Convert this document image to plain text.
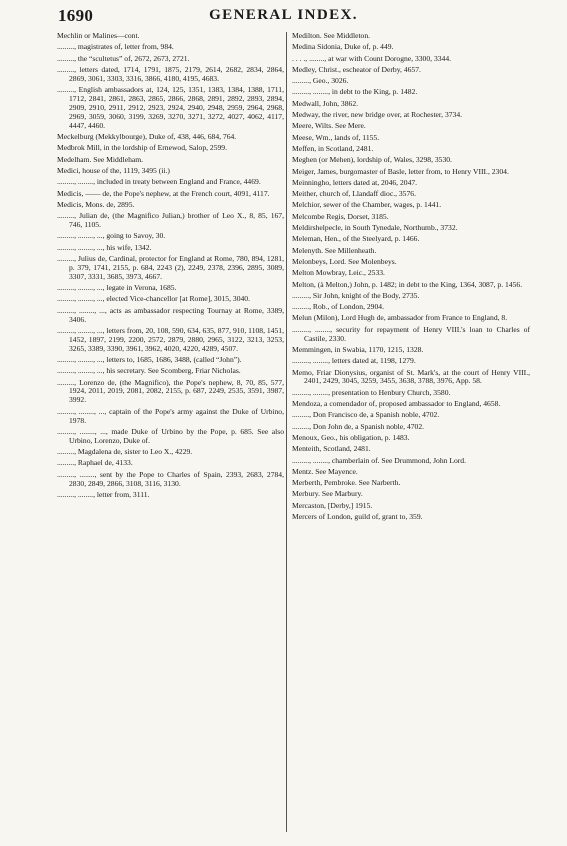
1690	GENERAL INDEX.

Mechlin or Malines—cont.

........., magistrates of, letter from, 984.

........., the “scultetus” of, 2672, 2673, 2721.

........., letters dated, 1714, 1791, 1875, 2179, 2614, 2682, 2834, 2864, 2869, 3061, 3303, 3316, 3866, 4180, 4195, 4683.

........., English ambassadors at, 124, 125, 1351, 1383, 1384, 1388, 1711, 1712, 2841, 2861, 2863, 2865, 2866, 2868, 2891, 2892, 2893, 2894, 2909, 2910, 2911, 2912, 2923, 2924, 2940, 2948, 2959, 2964, 2968, 2969, 3059, 3060, 3199, 3269, 3270, 3271, 3272, 4027, 4062, 4117, 4447, 4460.

Meckelburg (Mekkylbourge), Duke of, 438, 446, 684, 764.

Medbrok Mill, in the lordship of Ernewod, Salop, 2599.

Medelham. See Middleham.

Medici, house of the, 1119, 3495 (ii.)

........., ........, included in treaty between England and France, 4469.

Medicis, —— de, the Pope's nephew, at the French court, 4091, 4117.

Medicis, Mons. de, 2895.

........., Julian de, (the Magnifico Julian,) brother of Leo X., 8, 85, 167, 746, 1105.

........., ........, ..., going to Savoy, 30.

........., ........, ..., his wife, 1342.

........., Julius de, Cardinal, protector for England at Rome, 780, 894, 1281, p. 379, 1741, 2155, p. 684, 2243 (2), 2249, 2378, 2396, 2895, 3089, 3307, 3331, 3685, 3973, 4667.

........., ........, ..., legate in Verona, 1685.

........., ........, ..., elected Vice-chancellor [at Rome], 3015, 3040.

........., ........, ..., acts as ambassador respecting Tournay at Rome, 3389, 3406.

........., ........, ..., letters from, 20, 108, 590, 634, 635, 877, 910, 1108, 1451, 1452, 1897, 2199, 2200, 2572, 2879, 2880, 2965, 3122, 3213, 3253, 3265, 3389, 3390, 3961, 3962, 4020, 4220, 4289, 4507.

........., ........, ..., letters to, 1685, 1686, 3488, (called “John”).

........., ........, ..., his secretary. See Scomberg, Friar Nicholas.

........., Lorenzo de, (the Magnifico), the Pope's nephew, 8, 70, 85, 577, 1924, 2011, 2019, 2081, 2082, 2155, p. 687, 2249, 2535, 3591, 3987, 3992.

........., ........, ..., captain of the Pope's army against the Duke of Urbino, 1978.

........., ........, ..., made Duke of Urbino by the Pope, p. 685. See also Urbino, Lorenzo, Duke of.

........., Magdalena de, sister to Leo X., 4229.

........., Raphael de, 4133.

........., ........, sent by the Pope to Charles of Spain, 2393, 2683, 2784, 2830, 2849, 2866, 3108, 3116, 3130.

........., ........, letter from, 3111.

Medilton. See Middleton.

Medina Sidonia, Duke of, p. 449.

. . . ., ........, at war with Count Dorogne, 3300, 3344.

Medley, Christ., escheator of Derby, 4657.

........., Geo., 3026.

........., ........, in debt to the King, p. 1482.

Medwall, John, 3862.

Medway, the river, new bridge over, at Rochester, 3734.

Meere, Wilts. See Mere.

Meese, Wm., lands of, 1155.

Meffen, in Scotland, 2481.

Meghen (or Mehen), lordship of, Wales, 3298, 3530.

Meiger, James, burgomaster of Basle, letter from, to Henry VIII., 2304.

Meinningho, letters dated at, 2046, 2047.

Meither, church of, Llandaff dioc., 3576.

Melchior, sewer of the Chamber, wages, p. 1441.

Melcombe Regis, Dorset, 3185.

Meldirshelpecle, in South Tynedale, Northumb., 3732.

Meleman, Hen., of the Steelyard, p. 1466.

Melenyth. See Millenheath.

Melonbeys, Lord. See Molenbeys.

Melton Mowbray, Leic., 2533.

Melton, (à Melton,) John, p. 1482; in debt to the King, 1364, 3087, p. 1456.

........., Sir John, knight of the Body, 2735.

........., Rob., of London, 2904.

Melun (Milon), Lord Hugh de, ambassador from France to England, 8.

........., ........, security for repayment of Henry VIII.'s loan to Charles of Castile, 2330.

Memmingen, in Swabia, 1170, 1215, 1328.

........., ........, letters dated at, 1198, 1279.

Memo, Friar Dionysius, organist of St. Mark's, at the court of Henry VIII., 2401, 2429, 3045, 3259, 3455, 3638, 3788, 3976, App. 58.

........., ........, presentation to Henbury Church, 3580.

Mendoza, a comendador of, proposed ambassador to England, 4658.

........., Don Francisco de, a Spanish noble, 4702.

........., Don John de, a Spanish noble, 4702.

Menoux, Geo., his obligation, p. 1483.

Menteith, Scotland, 2481.

........., ........, chamberlain of. See Drummond, John Lord.

Mentz. See Mayence.

Merberth, Pembroke. See Narberth.

Merbury. See Marbury.

Mercaston, [Derby,] 1915.

Mercers of London, guild of, grant to, 359.
